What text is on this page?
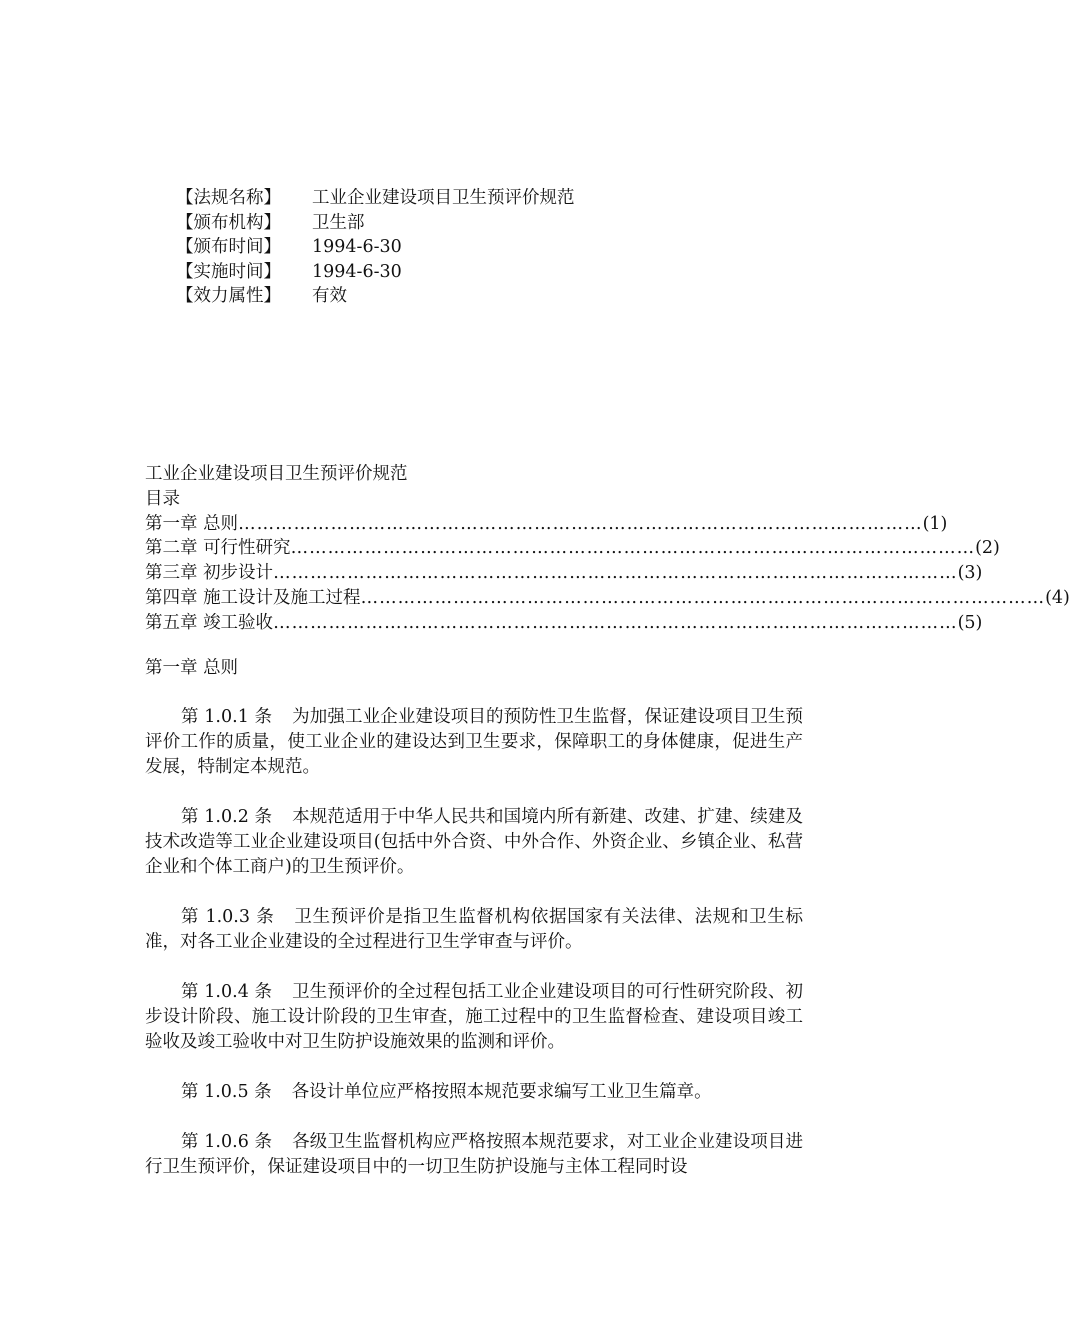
【法规名称】 工业企业建设项目卫生预评价规范
【颁布机构】 卫生部
【颁布时间】 1994-6-30
【实施时间】 1994-6-30
【效力属性】 有效
工业企业建设项目卫生预评价规范
目录
第一章 总则 ………………………………………………………………………………………………… (1)
第二章 可行性研究 ………………………………………………………………………………………………… (2)
第三章 初步设计 ………………………………………………………………………………………………… (3)
第四章 施工设计及施工过程 ………………………………………………………………………………………………… (4)
第五章 竣工验收 ………………………………………………………………………………………………… (5)
第一章 总则

第 1.0.1 条 为加强工业企业建设项目的预防性卫生监督，保证建设项目卫生预评价工作的质量，使工业企业的建设达到卫生要求，保障职工的身体健康，促进生产发展，特制定本规范。

第 1.0.2 条 本规范适用于中华人民共和国境内所有新建、改建、扩建、续建及技术改造等工业企业建设项目(包括中外合资、中外合作、外资企业、乡镇企业、私营企业和个体工商户)的卫生预评价。

第 1.0.3 条 卫生预评价是指卫生监督机构依据国家有关法律、法规和卫生标准，对各工业企业建设的全过程进行卫生学审查与评价。

第 1.0.4 条 卫生预评价的全过程包括工业企业建设项目的可行性研究阶段、初步设计阶段、施工设计阶段的卫生审查，施工过程中的卫生监督检查、建设项目竣工验收及竣工验收中对卫生防护设施效果的监测和评价。

第 1.0.5 条 各设计单位应严格按照本规范要求编写工业卫生篇章。

第 1.0.6 条 各级卫生监督机构应严格按照本规范要求，对工业企业建设项目进行卫生预评价，保证建设项目中的一切卫生防护设施与主体工程同时设
